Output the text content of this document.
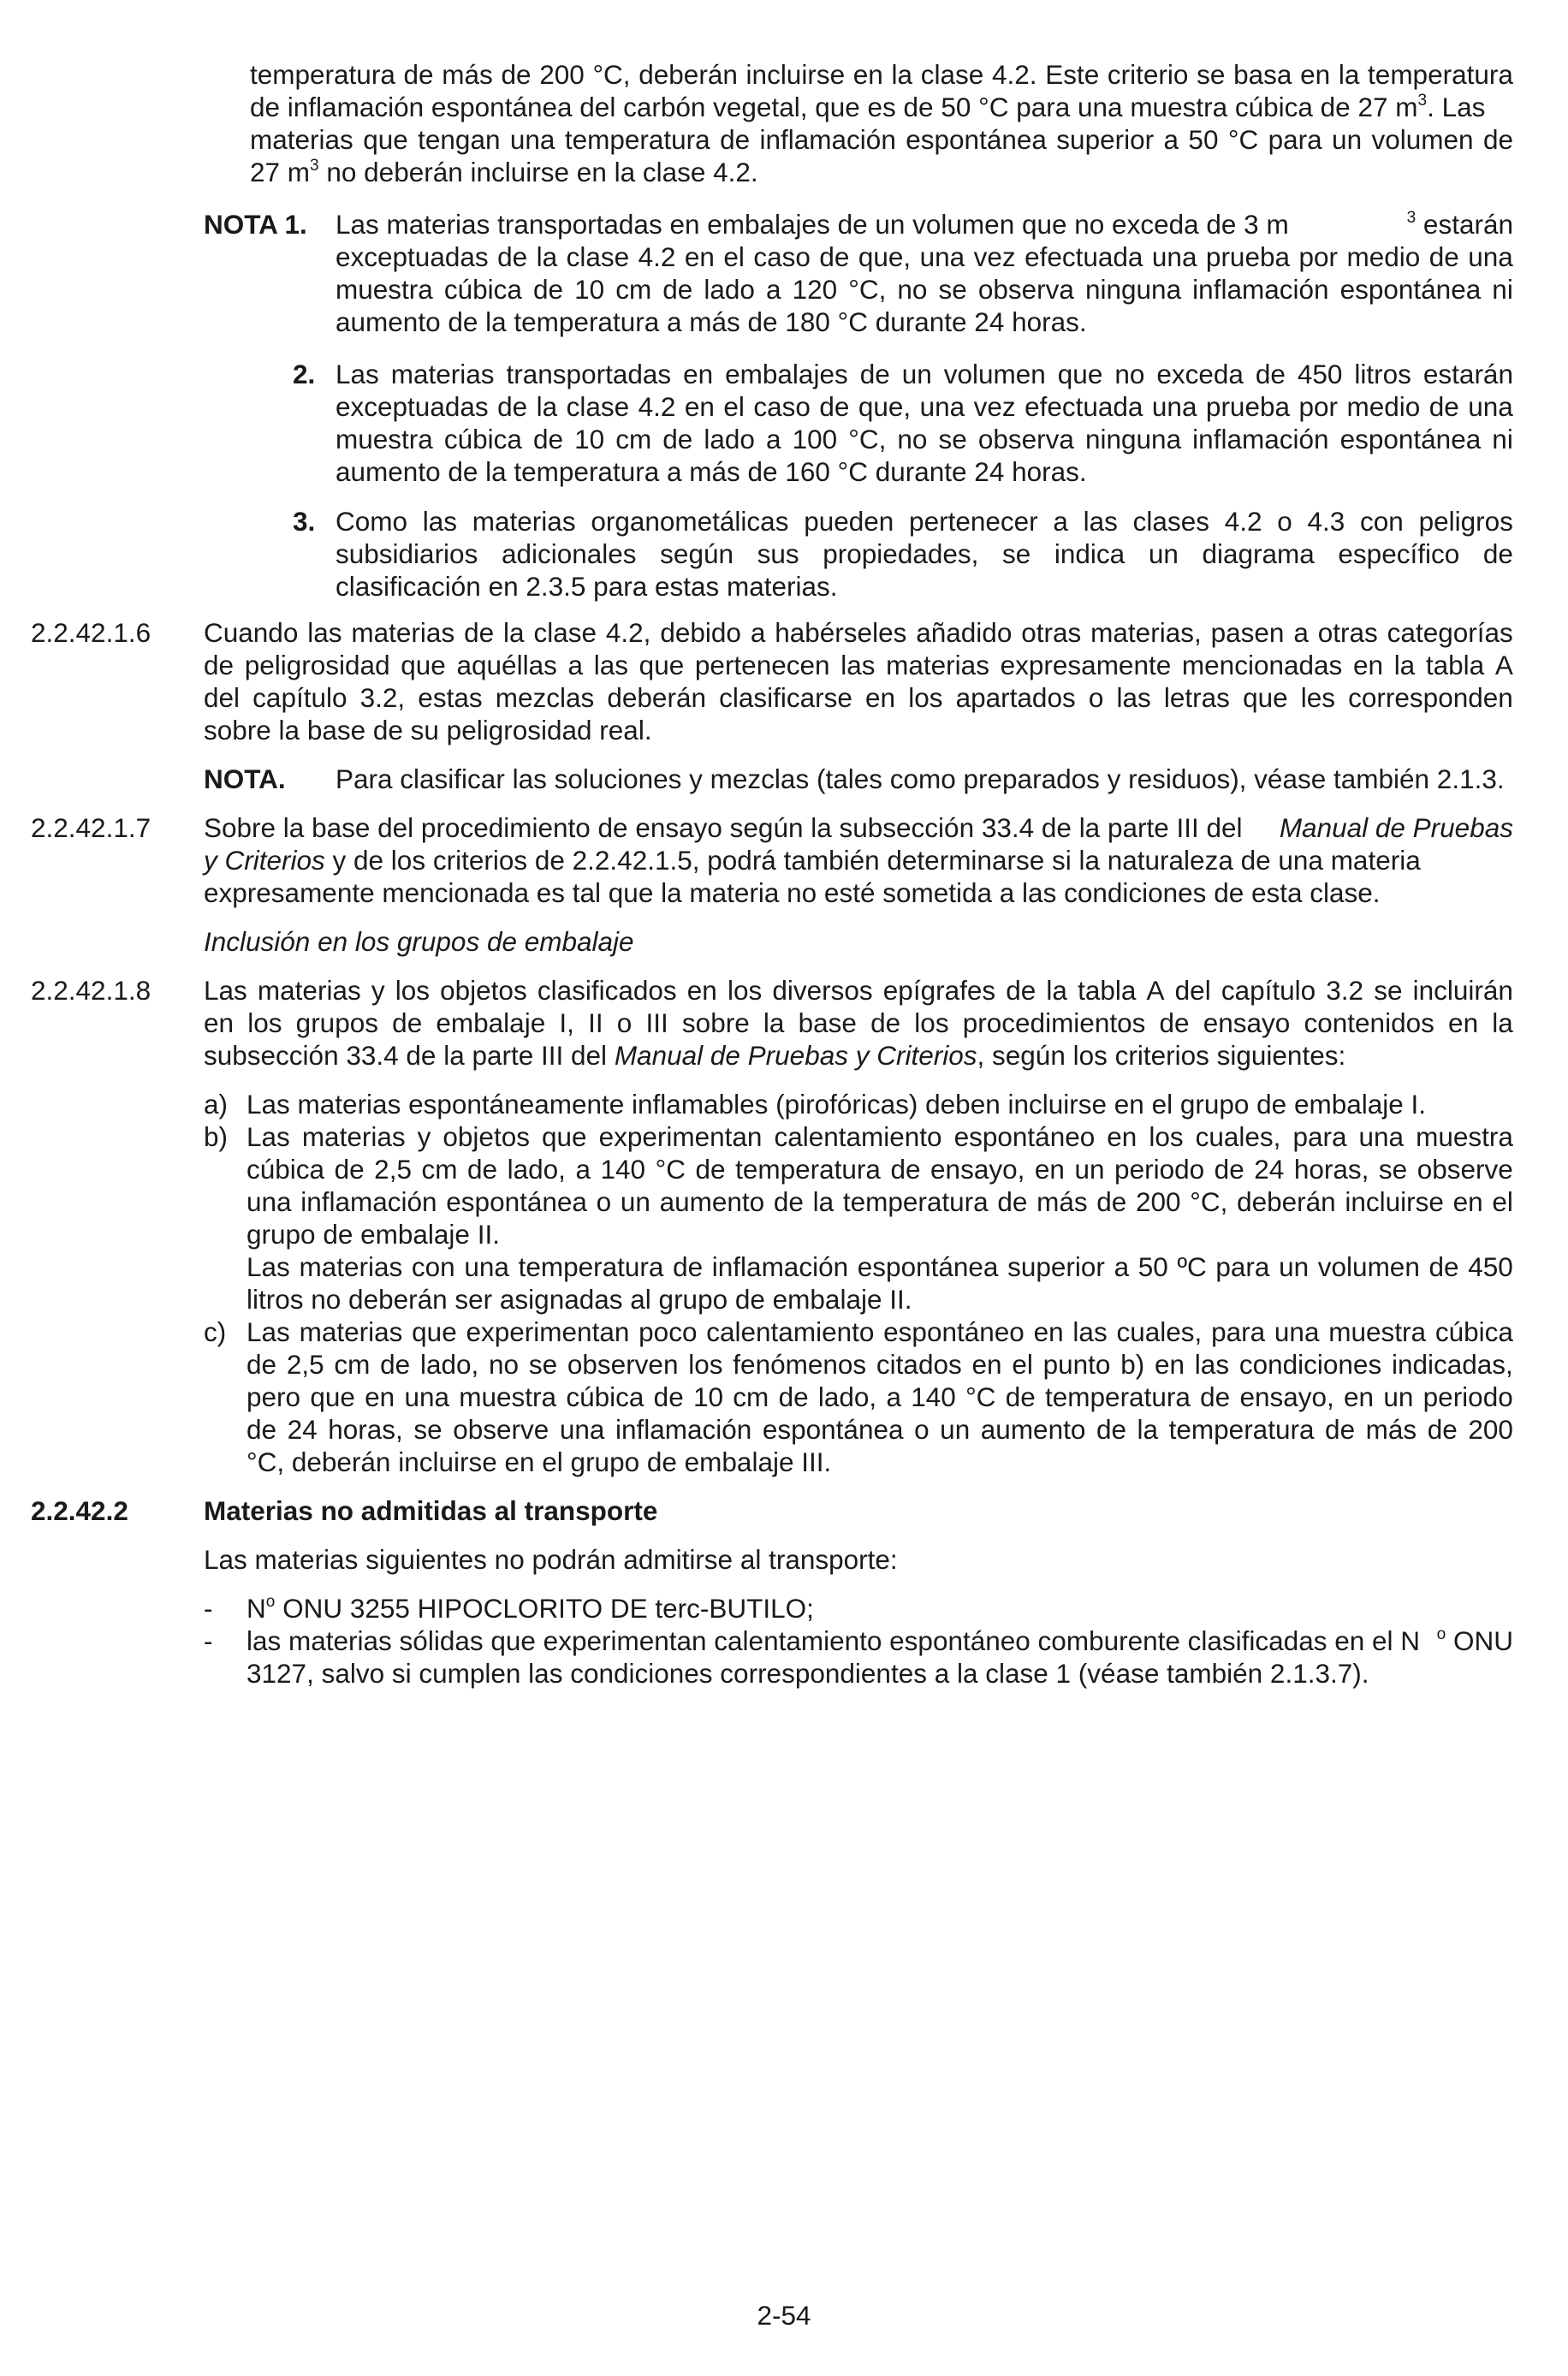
temperatura de más de 200 °C, deberán incluirse en la clase 4.2. Este criterio se basa en la temperatura
de inflamación espontánea del carbón vegetal, que es de 50 °C para una muestra cúbica de 27 $m^3$. Las
materias que tengan una temperatura de inflamación espontánea superior a 50 °C para un volumen de
27 $m^3$ no deberán incluirse en la clase 4.2.
NOTA 1. Las materias transportadas en embalajes de un volumen que no exceda de 3 m	$^3$ estarán
exceptuadas de la clase 4.2 en el caso de que, una vez efectuada una prueba por medio de una
muestra cúbica de 10 cm de lado a 120 °C, no se observa ninguna inflamación espontánea ni
aumento de la temperatura a más de 180 °C durante 24 horas.
2. Las materias transportadas en embalajes de un volumen que no exceda de 450 litros estarán
exceptuadas de la clase 4.2 en el caso de que, una vez efectuada una prueba por medio de una
muestra cúbica de 10 cm de lado a 100 °C, no se observa ninguna inflamación espontánea ni
aumento de la temperatura a más de 160 °C durante 24 horas.
3. Como las materias organometálicas pueden pertenecer a las clases 4.2 o 4.3 con peligros
subsidiarios adicionales según sus propiedades, se indica un diagrama específico de
clasificación en 2.3.5 para estas materias.
2.2.42.1.6 Cuando las materias de la clase 4.2, debido a habérseles añadido otras materias, pasen a otras categorías
de peligrosidad que aquéllas a las que pertenecen las materias expresamente mencionadas en la tabla A
del capítulo 3.2, estas mezclas deberán clasificarse en los apartados o las letras que les corresponden
sobre la base de su peligrosidad real.
NOTA. Para clasificar las soluciones y mezclas (tales como preparados y residuos), véase también 2.1.3.
2.2.42.1.7 Sobre la base del procedimiento de ensayo según la subsección 33.4 de la parte III del Manual de Pruebas
y Criterios y de los criterios de 2.2.42.1.5, podrá también determinarse si la naturaleza de una materia
expresamente mencionada es tal que la materia no esté sometida a las condiciones de esta clase.
Inclusión en los grupos de embalaje
2.2.42.1.8 Las materias y los objetos clasificados en los diversos epígrafes de la tabla A del capítulo 3.2 se incluirán
en los grupos de embalaje I, II o III sobre la base de los procedimientos de ensayo contenidos en la
subsección 33.4 de la parte III del Manual de Pruebas y Criterios, según los criterios siguientes:
a) Las materias espontáneamente inflamables (pirofóricas) deben incluirse en el grupo de embalaje I.
b) Las materias y objetos que experimentan calentamiento espontáneo en los cuales, para una muestra
cúbica de 2,5 cm de lado, a 140 °C de temperatura de ensayo, en un periodo de 24 horas, se observe
una inflamación espontánea o un aumento de la temperatura de más de 200 °C, deberán incluirse en el
grupo de embalaje II.
Las materias con una temperatura de inflamación espontánea superior a 50 ºC para un volumen de 450
litros no deberán ser asignadas al grupo de embalaje II.
c) Las materias que experimentan poco calentamiento espontáneo en las cuales, para una muestra cúbica
de 2,5 cm de lado, no se observen los fenómenos citados en el punto b) en las condiciones indicadas,
pero que en una muestra cúbica de 10 cm de lado, a 140 °C de temperatura de ensayo, en un periodo
de 24 horas, se observe una inflamación espontánea o un aumento de la temperatura de más de 200
°C, deberán incluirse en el grupo de embalaje III.
2.2.42.2	Materias no admitidas al transporte
Las materias siguientes no podrán admitirse al transporte:
- $N^o$ ONU 3255 HIPOCLORITO DE terc-BUTILO;
- las materias sólidas que experimentan calentamiento espontáneo comburente clasificadas en el N $^o$ ONU
3127, salvo si cumplen las condiciones correspondientes a la clase 1 (véase también 2.1.3.7).
2-54
